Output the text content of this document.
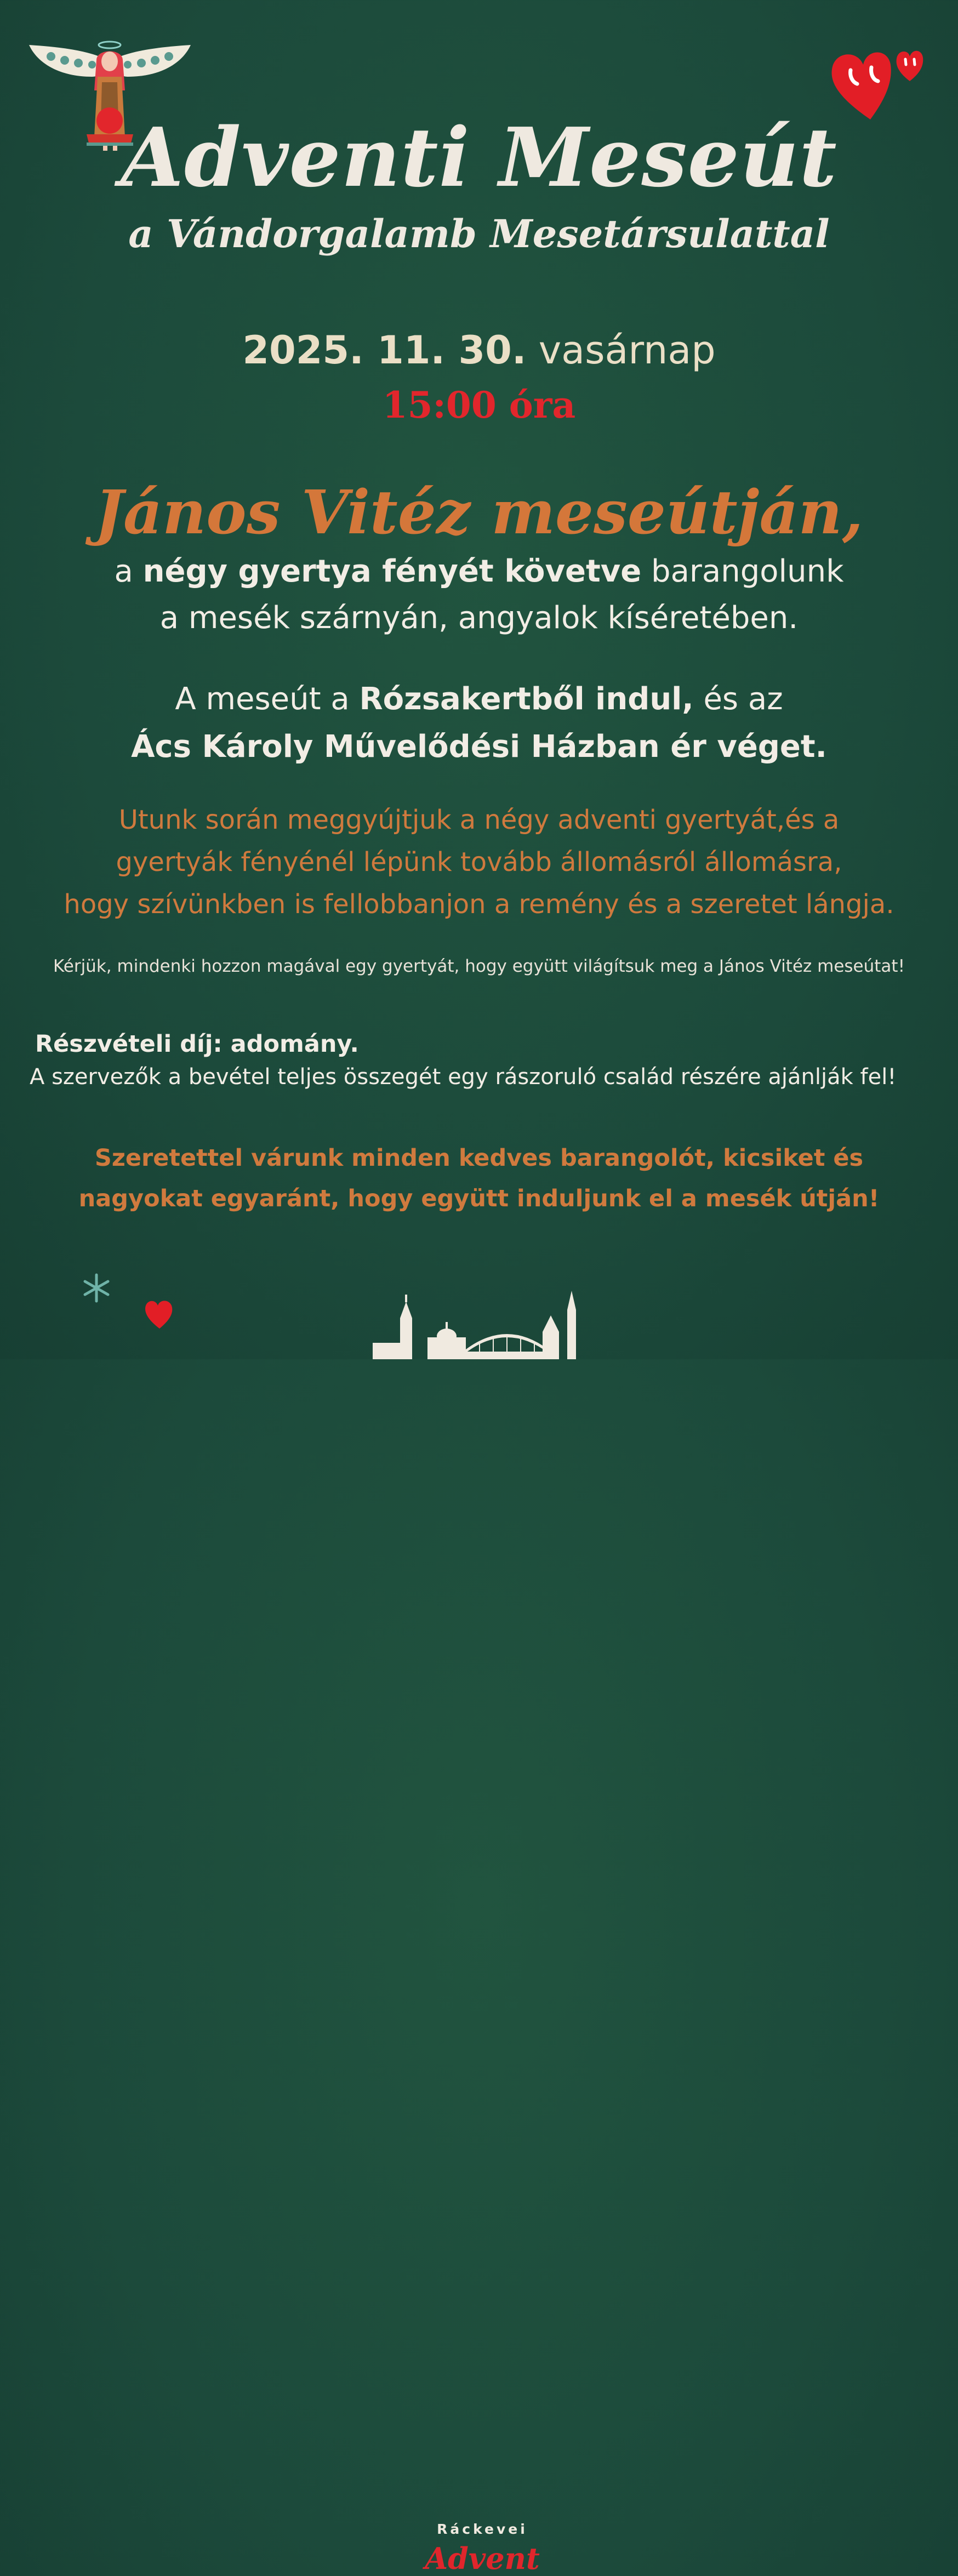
Adventi Meseút
a Vándorgalamb Mesetársulattal
2025. 11. 30. vasárnap
15:00 óra
János Vitéz meseútján,
a négy gyertya fényét követve barangolunk
a mesék szárnyán, angyalok kíséretében.
A meseút a Rózsakertből indul, és az
Ács Károly Művelődési Házban ér véget.
Utunk során meggyújtjuk a négy adventi gyertyát,és a
gyertyák fényénél lépünk tovább állomásról állomásra,
hogy szívünkben is fellobbanjon a remény és a szeretet lángja.
Kérjük, mindenki hozzon magával egy gyertyát, hogy együtt világítsuk meg a János Vitéz meseútat!
Részvételi díj: adomány.
A szervezők a bevétel teljes összegét egy rászoruló család részére ajánlják fel!
Szeretettel várunk minden kedves barangolót, kicsiket és
nagyokat egyaránt, hogy együtt induljunk el a mesék útján!
Ráckevei
Advent
